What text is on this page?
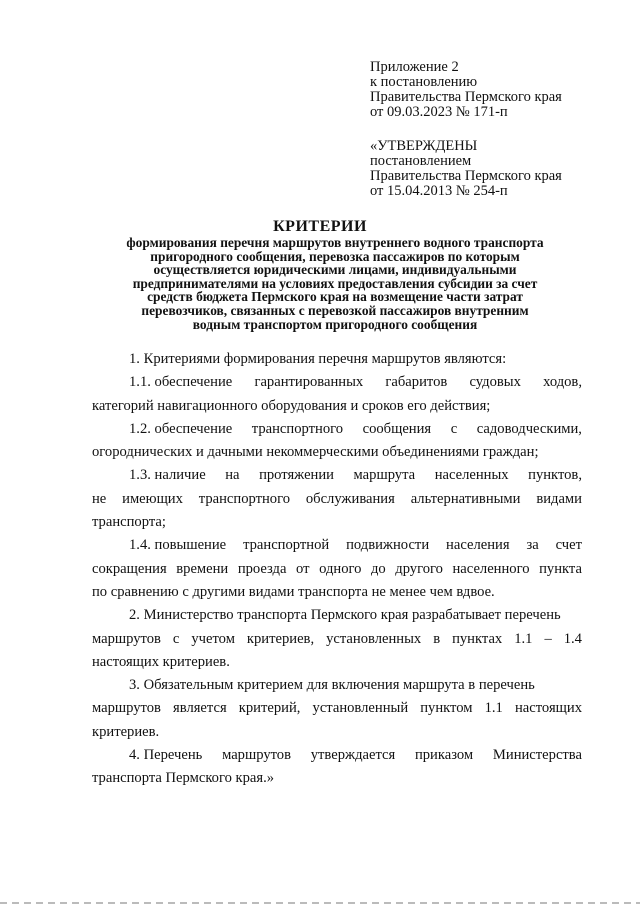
Приложение 2
к постановлению
Правительства Пермского края
от 09.03.2023 № 171-п
«УТВЕРЖДЕНЫ
постановлением
Правительства Пермского края
от 15.04.2013 № 254-п
КРИТЕРИИ
формирования перечня маршрутов внутреннего водного транспорта
пригородного сообщения, перевозка пассажиров по которым
осуществляется юридическими лицами, индивидуальными
предпринимателями на условиях предоставления субсидии за счет
средств бюджета Пермского края на возмещение части затрат
перевозчиков, связанных с перевозкой пассажиров внутренним
водным транспортом пригородного сообщения
1. Критериями формирования перечня маршрутов являются:
1.1. обеспечение гарантированных габаритов судовых ходов,
категорий навигационного оборудования и сроков его действия;
1.2. обеспечение транспортного сообщения с садоводческими,
огороднических и дачными некоммерческими объединениями граждан;
1.3. наличие на протяжении маршрута населенных пунктов,
не имеющих транспортного обслуживания альтернативными видами
транспорта;
1.4. повышение транспортной подвижности населения за счет
сокращения времени проезда от одного до другого населенного пункта
по сравнению с другими видами транспорта не менее чем вдвое.
2. Министерство транспорта Пермского края разрабатывает перечень
маршрутов с учетом критериев, установленных в пунктах 1.1 – 1.4
настоящих критериев.
3. Обязательным критерием для включения маршрута в перечень
маршрутов является критерий, установленный пунктом 1.1 настоящих
критериев.
4. Перечень маршрутов утверждается приказом Министерства
транспорта Пермского края.»
